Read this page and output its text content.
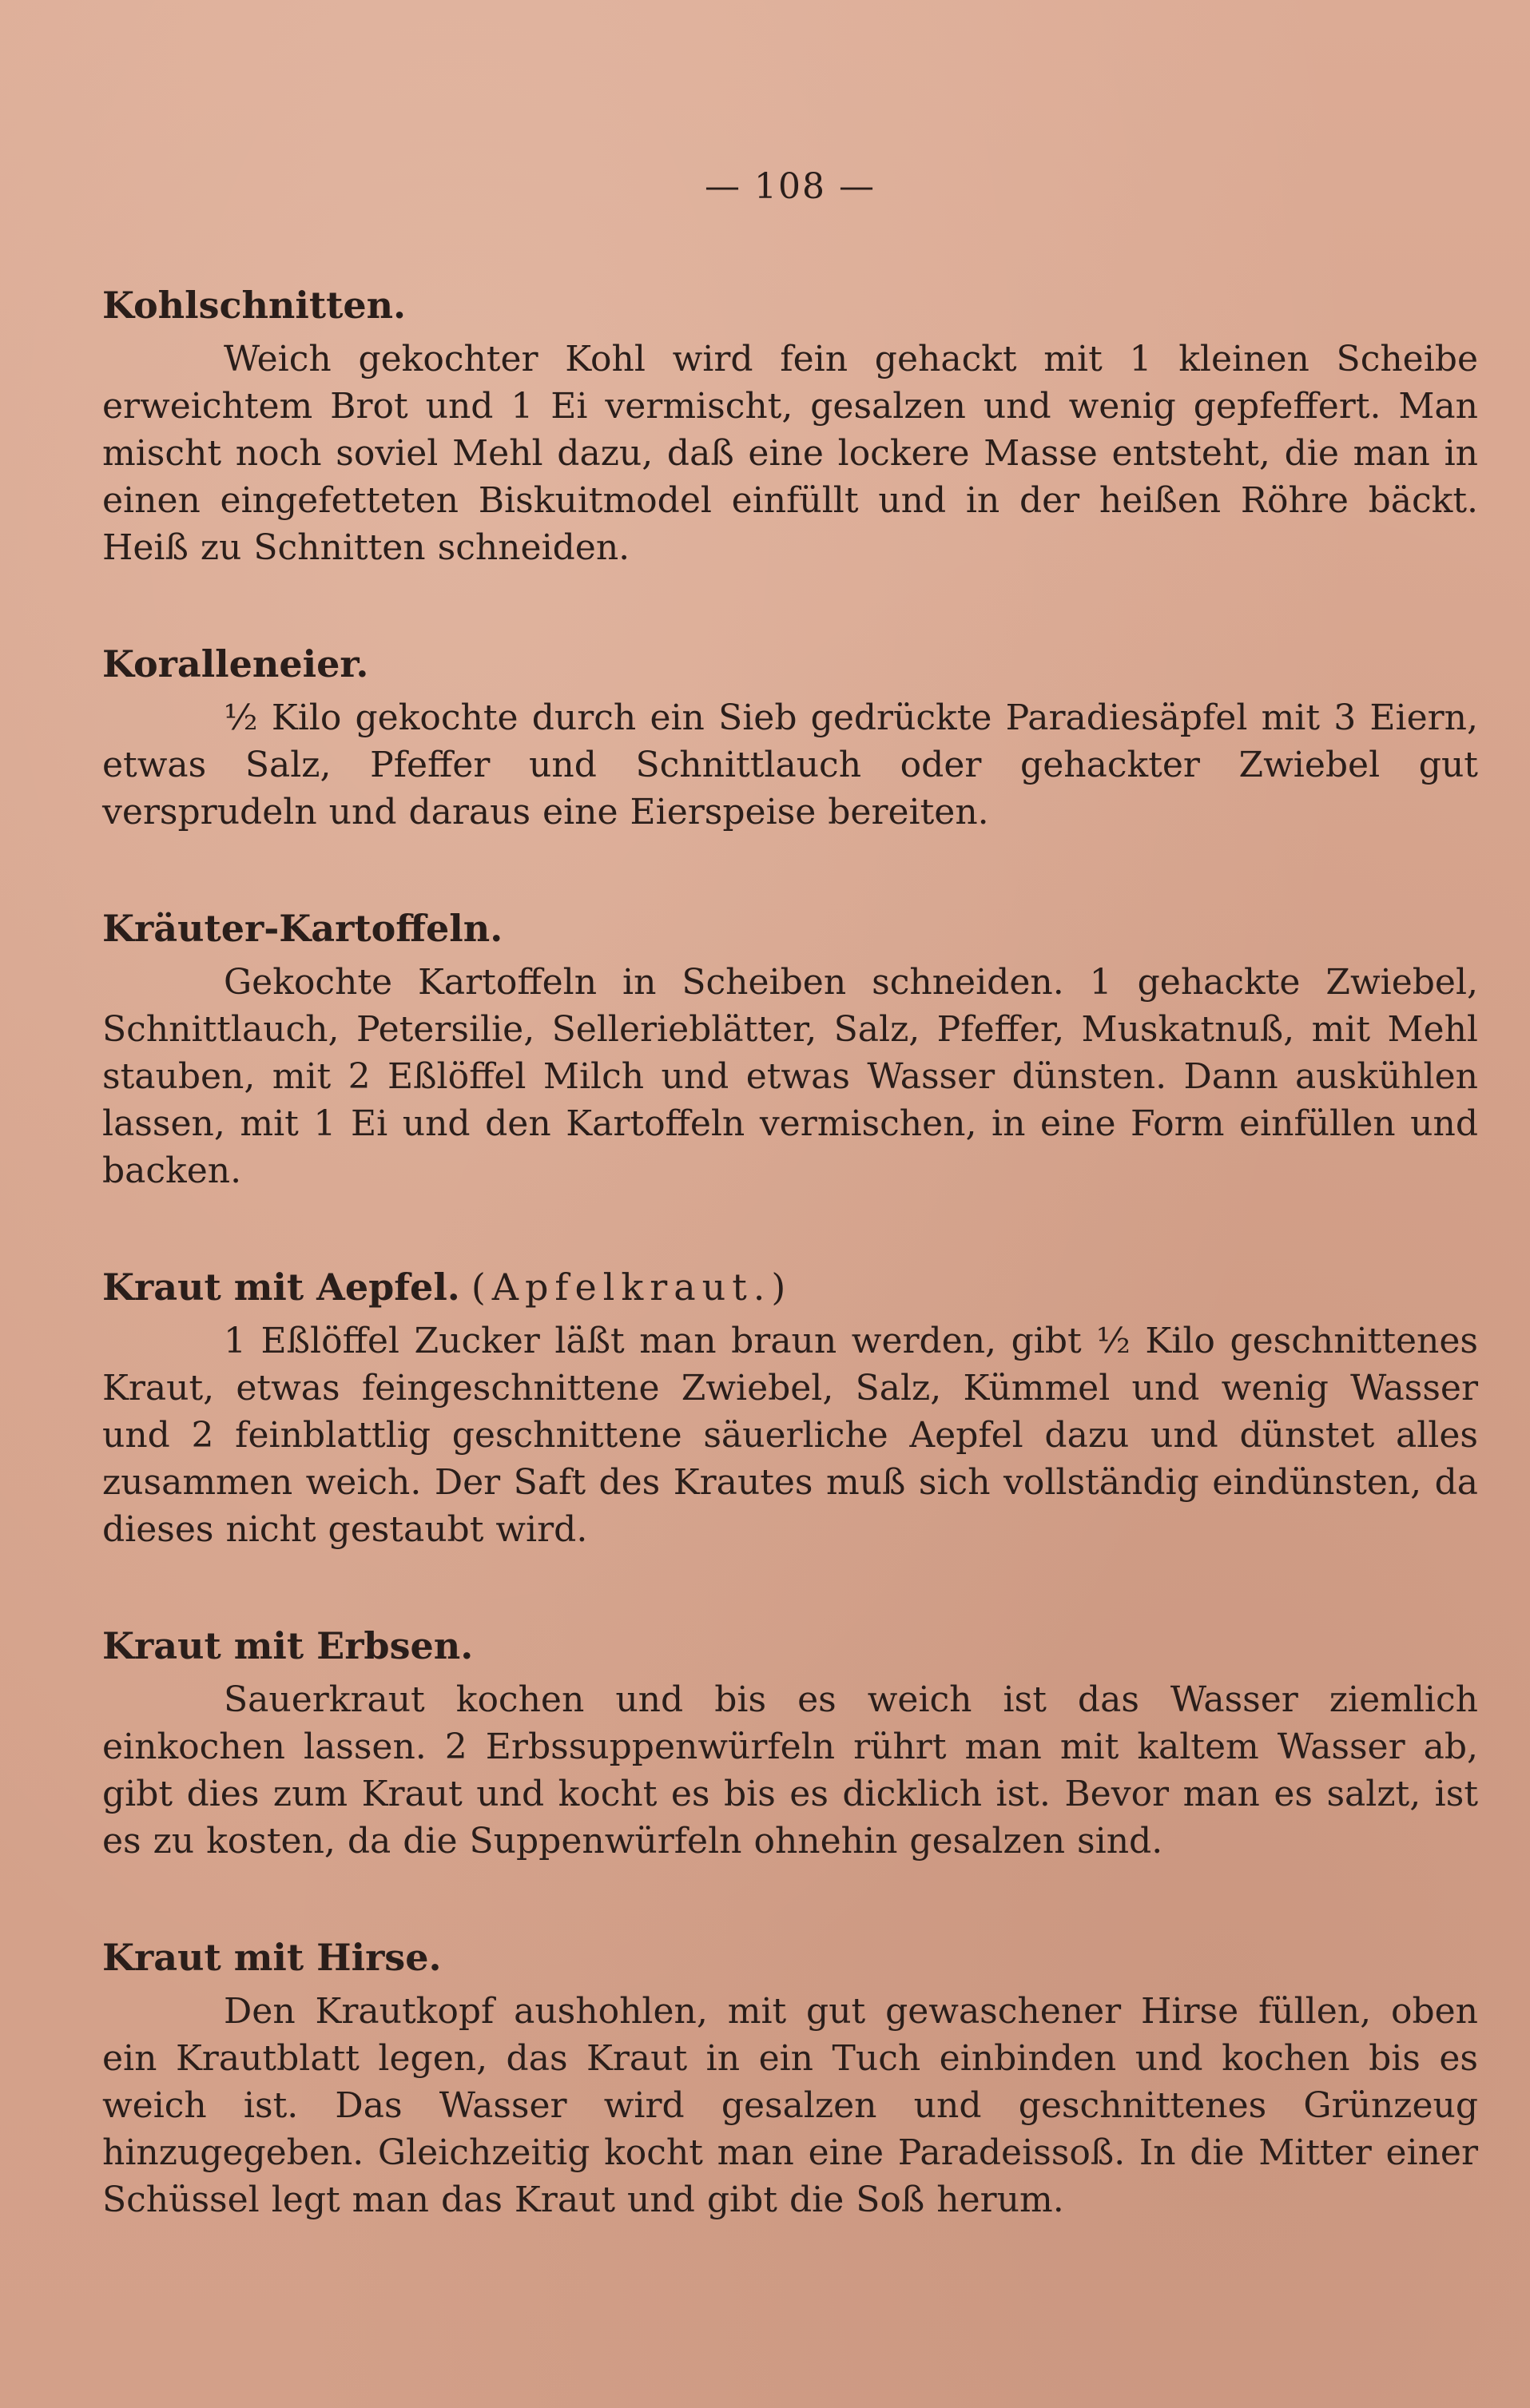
— 108 —
Kohlschnitten.
Weich gekochter Kohl wird fein gehackt mit 1 kleinen Scheibe erweichtem Brot und 1 Ei vermischt, gesalzen und wenig gepfeffert. Man mischt noch soviel Mehl dazu, daß eine lockere Masse entsteht, die man in einen eingefetteten Biskuitmodel einfüllt und in der heißen Röhre bäckt. Heiß zu Schnitten schneiden.
Koralleneier.
½ Kilo gekochte durch ein Sieb gedrückte Paradiesäpfel mit 3 Eiern, etwas Salz, Pfeffer und Schnittlauch oder gehackter Zwiebel gut versprudeln und daraus eine Eierspeise bereiten.
Kräuter-Kartoffeln.
Gekochte Kartoffeln in Scheiben schneiden. 1 gehackte Zwiebel, Schnittlauch, Petersilie, Sellerieblätter, Salz, Pfeffer, Muskatnuß, mit Mehl stauben, mit 2 Eßlöffel Milch und etwas Wasser dünsten. Dann auskühlen lassen, mit 1 Ei und den Kartoffeln vermischen, in eine Form einfüllen und backen.
Kraut mit Aepfel. (Apfelkraut.)
1 Eßlöffel Zucker läßt man braun werden, gibt ½ Kilo geschnittenes Kraut, etwas feingeschnittene Zwiebel, Salz, Kümmel und wenig Wasser und 2 feinblattlig geschnittene säuerliche Aepfel dazu und dünstet alles zusammen weich. Der Saft des Krautes muß sich vollständig eindünsten, da dieses nicht gestaubt wird.
Kraut mit Erbsen.
Sauerkraut kochen und bis es weich ist das Wasser ziemlich einkochen lassen. 2 Erbssuppenwürfeln rührt man mit kaltem Wasser ab, gibt dies zum Kraut und kocht es bis es dicklich ist. Bevor man es salzt, ist es zu kosten, da die Suppenwürfeln ohnehin gesalzen sind.
Kraut mit Hirse.
Den Krautkopf aushohlen, mit gut gewaschener Hirse füllen, oben ein Krautblatt legen, das Kraut in ein Tuch einbinden und kochen bis es weich ist. Das Wasser wird gesalzen und geschnittenes Grünzeug hinzugegeben. Gleichzeitig kocht man eine Paradeissoß. In die Mitter einer Schüssel legt man das Kraut und gibt die Soß herum.
